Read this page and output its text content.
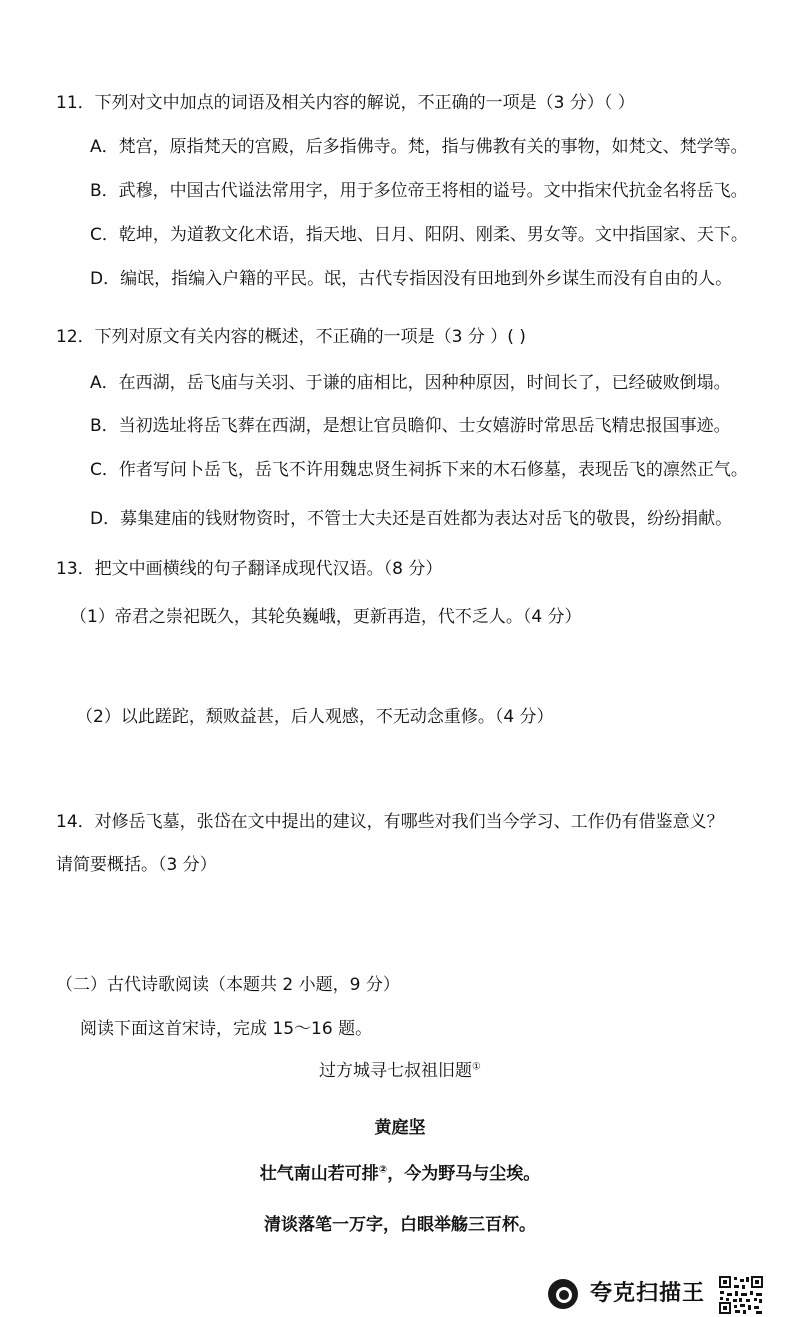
11．下列对文中加点的词语及相关内容的解说，不正确的一项是（3 分）（ ）
A．梵宫，原指梵天的宫殿，后多指佛寺。梵，指与佛教有关的事物，如梵文、梵学等。
B．武穆，中国古代谥法常用字，用于多位帝王将相的谥号。文中指宋代抗金名将岳飞。
C．乾坤，为道教文化术语，指天地、日月、阳阴、刚柔、男女等。文中指国家、天下。
D．编氓，指编入户籍的平民。氓，古代专指因没有田地到外乡谋生而没有自由的人。
12．下列对原文有关内容的概述，不正确的一项是（3 分 ）( )
A．在西湖，岳飞庙与关羽、于谦的庙相比，因种种原因，时间长了，已经破败倒塌。
B．当初选址将岳飞葬在西湖，是想让官员瞻仰、士女嬉游时常思岳飞精忠报国事迹。
C．作者写问卜岳飞，岳飞不许用魏忠贤生祠拆下来的木石修墓，表现岳飞的凛然正气。
D．募集建庙的钱财物资时，不管士大夫还是百姓都为表达对岳飞的敬畏，纷纷捐献。
13．把文中画横线的句子翻译成现代汉语。（8 分）
（1）帝君之崇祀既久，其轮奂巍峨，更新再造，代不乏人。（4 分）
（2）以此蹉跎，颓败益甚，后人观感，不无动念重修。（4 分）
14．对修岳飞墓，张岱在文中提出的建议，有哪些对我们当今学习、工作仍有借鉴意义？
请简要概括。（3 分）
（二）古代诗歌阅读（本题共 2 小题，9 分）
阅读下面这首宋诗，完成 15～16 题。
过方城寻七叔祖旧题①
黄庭坚
壮气南山若可排②，今为野马与尘埃。
清谈落笔一万字，白眼举觞三百杯。
夸克扫描王
